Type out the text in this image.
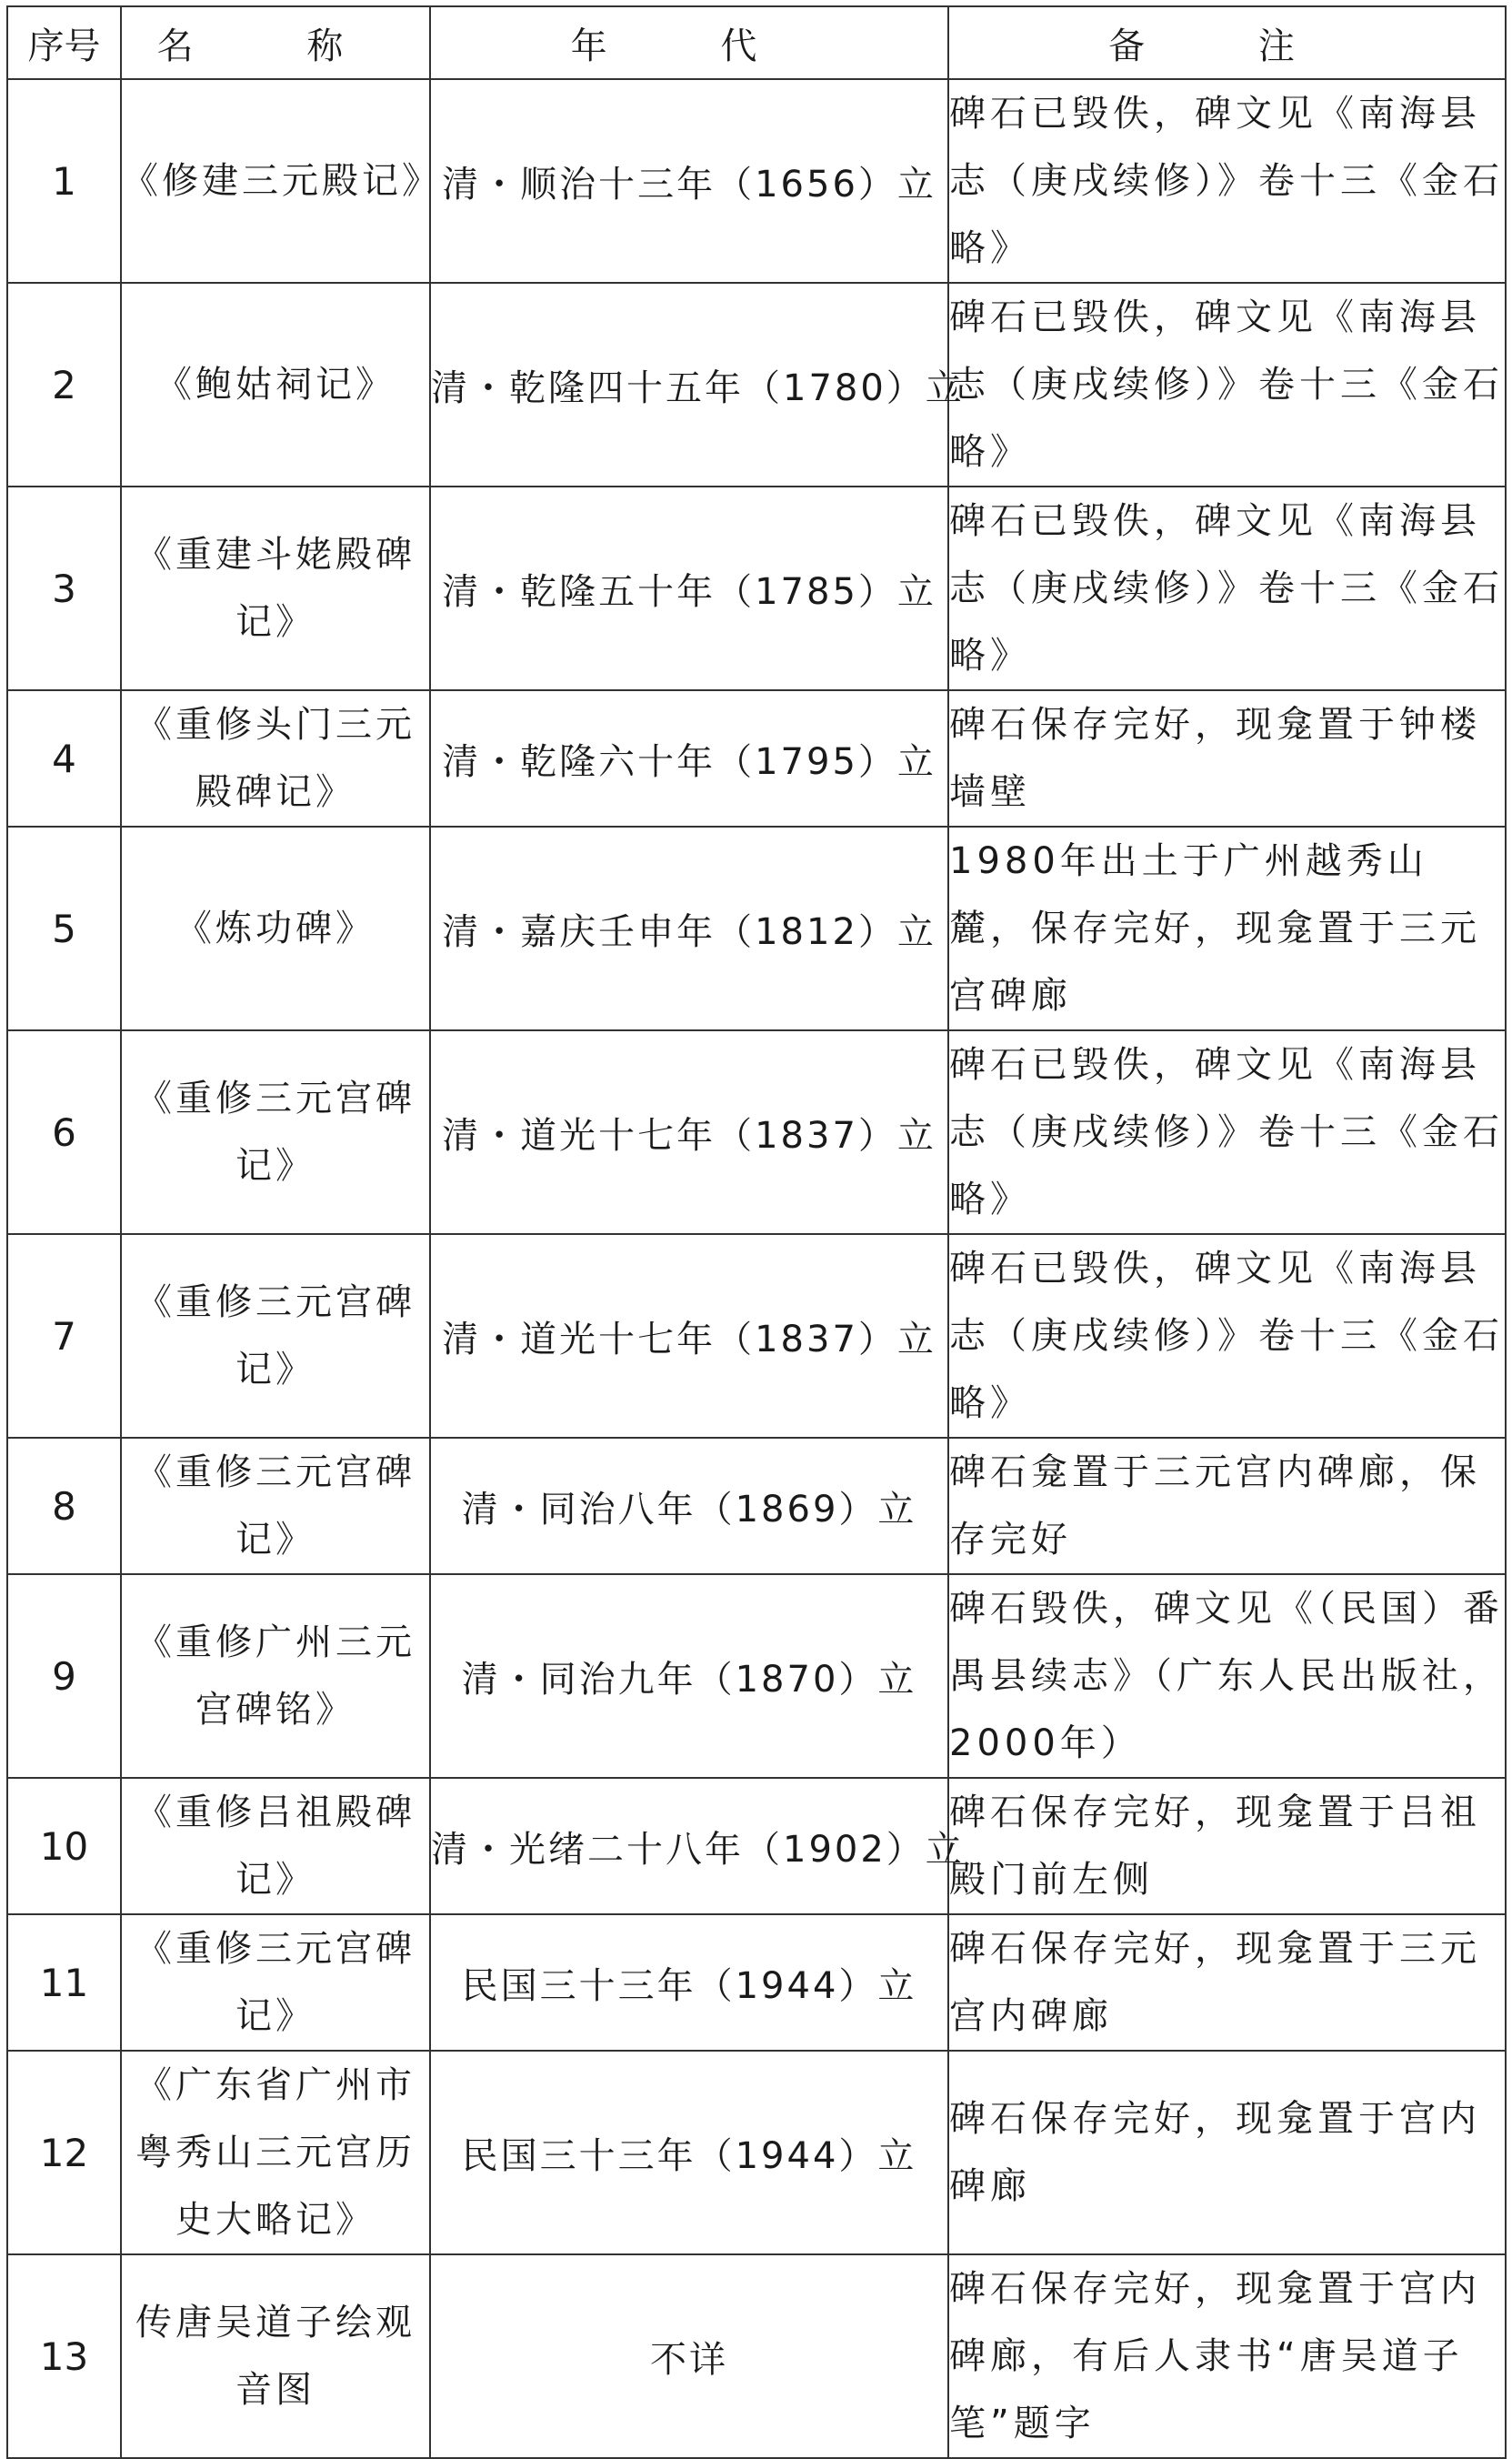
序号	名 称	年 代	备 注
1	《修建三元殿记》	清・顺治十三年（1656）立	碑石已毁佚，碑文见《南海县志（庚戌续修）》卷十三《金石略》
2	《鲍姑祠记》	清・乾隆四十五年（1780）立	碑石已毁佚，碑文见《南海县志（庚戌续修）》卷十三《金石略》
3	《重建斗姥殿碑记》	清・乾隆五十年（1785）立	碑石已毁佚，碑文见《南海县志（庚戌续修）》卷十三《金石略》
4	《重修头门三元殿碑记》	清・乾隆六十年（1795）立	碑石保存完好，现龛置于钟楼墙壁
5	《炼功碑》	清・嘉庆壬申年（1812）立	1980年出土于广州越秀山麓，保存完好，现龛置于三元宫碑廊
6	《重修三元宫碑记》	清・道光十七年（1837）立	碑石已毁佚，碑文见《南海县志（庚戌续修）》卷十三《金石略》
7	《重修三元宫碑记》	清・道光十七年（1837）立	碑石已毁佚，碑文见《南海县志（庚戌续修）》卷十三《金石略》
8	《重修三元宫碑记》	清・同治八年（1869）立	碑石龛置于三元宫内碑廊，保存完好
9	《重修广州三元宫碑铭》	清・同治九年（1870）立	碑石毁佚，碑文见《（民国）番禺县续志》（广东人民出版社，2000年）
10	《重修吕祖殿碑记》	清・光绪二十八年（1902）立	碑石保存完好，现龛置于吕祖殿门前左侧
11	《重修三元宫碑记》	民国三十三年（1944）立	碑石保存完好，现龛置于三元宫内碑廊
12	《广东省广州市粤秀山三元宫历史大略记》	民国三十三年（1944）立	碑石保存完好，现龛置于宫内碑廊
13	传唐吴道子绘观音图	不详	碑石保存完好，现龛置于宫内碑廊，有后人隶书“唐吴道子笔”题字
